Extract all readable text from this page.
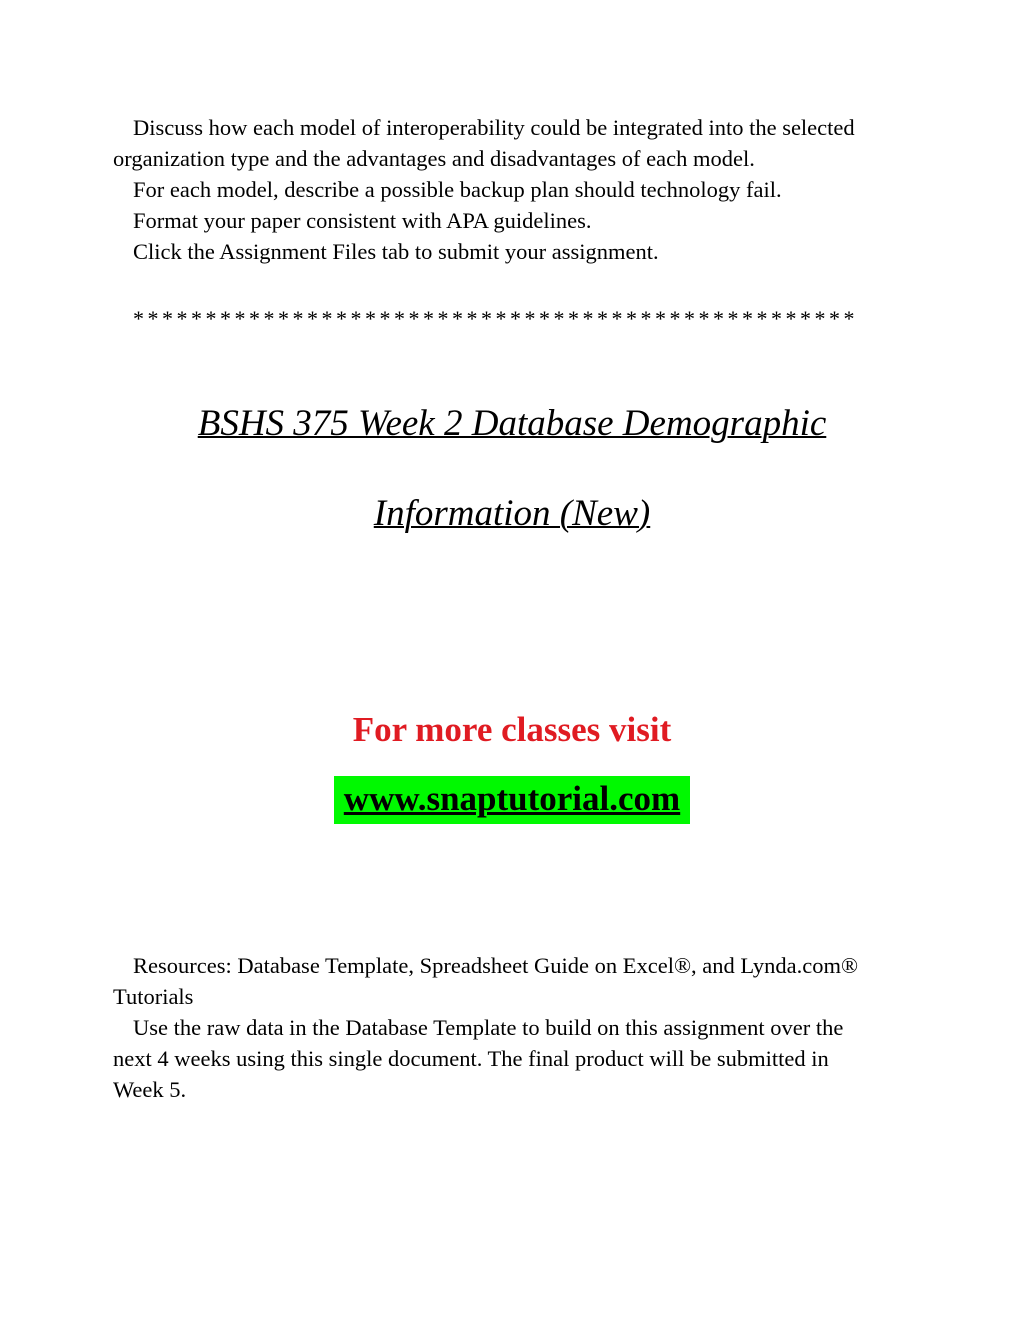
Discuss how each model of interoperability could be integrated into the selected organization type and the advantages and disadvantages of each model.

For each model, describe a possible backup plan should technology fail.

Format your paper consistent with APA guidelines.

Click the Assignment Files tab to submit your assignment.

**************************************************
BSHS 375 Week 2 Database Demographic
Information (New)

For more classes visit

www.snaptutorial.com

Resources: Database Template, Spreadsheet Guide on Excel®, and Lynda.com® Tutorials

Use the raw data in the Database Template to build on this assignment over the next 4 weeks using this single document. The final product will be submitted in Week 5.
